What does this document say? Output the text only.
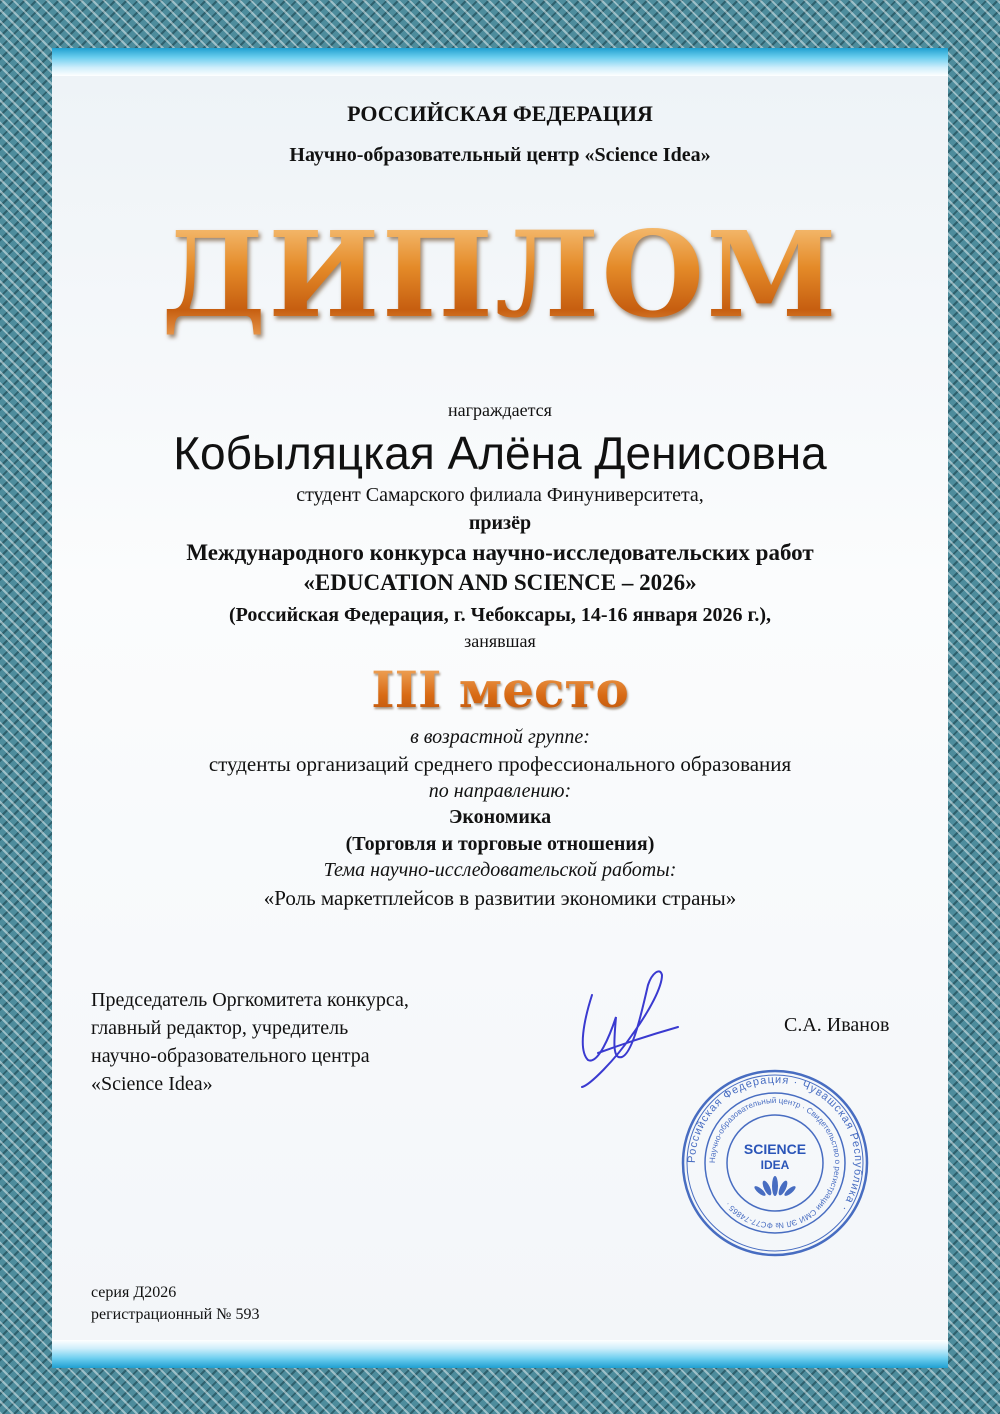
РОССИЙСКАЯ ФЕДЕРАЦИЯ
Научно-образовательный центр «Science Idea»
ДИПЛОМ
награждается
Кобыляцкая Алёна Денисовна
студент Самарского филиала Финуниверситета,
призёр
Международного конкурса научно-исследовательских работ
«EDUCATION AND SCIENCE – 2026»
(Российская Федерация, г. Чебоксары, 14-16 января 2026 г.),
занявшая
III место
в возрастной группе:
студенты организаций среднего профессионального образования
по направлению:
Экономика
(Торговля и торговые отношения)
Тема научно-исследовательской работы:
«Роль маркетплейсов в развитии экономики страны»
Председатель Оргкомитета конкурса,
главный редактор, учредитель
научно-образовательного центра
«Science Idea»
С.А. Иванов
Российская Федерация · Чувашская Республика ·
Научно-образовательный центр · Свидетельство о регистрации СМИ ЭЛ № ФС77-74865 ·
SCIENCE
IDEA
серия Д2026
регистрационный № 593
